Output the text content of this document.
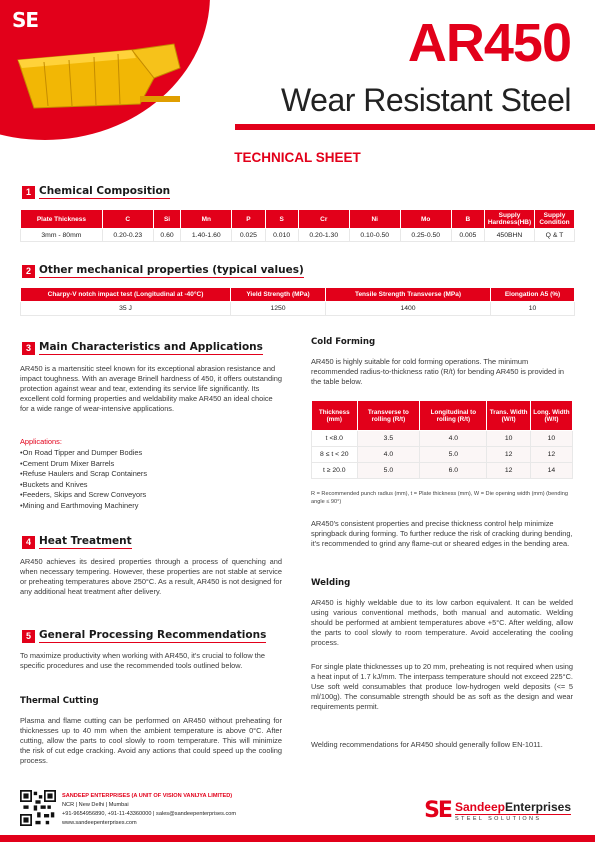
SE	AR450
Wear Resistant Steel
TECHNICAL SHEET
1 Chemical Composition
Plate Thickness	C	Si	Mn	P	S	Cr	Ni	Mo	B	Supply Hardness(HB)	Supply Condition
3mm - 80mm	0.20-0.23	0.60	1.40-1.60	0.025	0.010	0.20-1.30	0.10-0.50	0.25-0.50	0.005	450BHN	Q & T
2 Other mechanical properties (typical values)
Charpy-V notch impact test (Longitudinal at -40°C)	Yield Strength (MPa)	Tensile Strength Transverse (MPa)	Elongation A5 (%)
35 J	1250	1400	10
3 Main Characteristics and Applications
AR450 is a martensitic steel known for its exceptional abrasion resistance and impact toughness. With an average Brinell hardness of 450, it offers outstanding protection against wear and tear, extending its service life significantly. Its excellent cold forming properties and weldability make AR450 an ideal choice for a wide range of wear-intensive applications.
Applications:
• On Road Tipper and Dumper Bodies
• Cement Drum Mixer Barrels
• Refuse Haulers and Scrap Containers
• Buckets and Knives
• Feeders, Skips and Screw Conveyors
• Mining and Earthmoving Machinery
4 Heat Treatment
AR450 achieves its desired properties through a process of quenching and when necessary tempering. However, these properties are not stable at service or preheating temperatures above 250°C. As a result, AR450 is not designed for any additional heat treatment after delivery.
5 General Processing Recommendations
To maximize productivity when working with AR450, it's crucial to follow the specific procedures and use the recommended tools outlined below.
Thermal Cutting
Plasma and flame cutting can be performed on AR450 without preheating for thicknesses up to 40 mm when the ambient temperature is above 0°C. After cutting, allow the parts to cool slowly to room temperature. This will minimize the risk of cut edge cracking. Avoid any actions that could speed up the cooling process.
Cold Forming
AR450 is highly suitable for cold forming operations. The minimum recommended radius-to-thickness ratio (R/t) for bending AR450 is provided in the table below.
Thickness (mm)	Transverse to rolling (R/t)	Longitudinal to rolling (R/t)	Trans. Width (W/t)	Long. Width (W/t)
t <8.0	3.5	4.0	10	10
8 ≤ t < 20	4.0	5.0	12	12
t ≥ 20.0	5.0	6.0	12	14
R = Recommended punch radius (mm), t = Plate thickness (mm), W = Die opening width (mm) (bending angle ≤ 90°)
AR450's consistent properties and precise thickness control help minimize springback during forming. To further reduce the risk of cracking during bending, it's recommended to grind any flame-cut or sheared edges in the bending area.
Welding
AR450 is highly weldable due to its low carbon equivalent. It can be welded using various conventional methods, both manual and automatic. Welding should be performed at ambient temperatures above +5°C. After welding, allow the parts to cool slowly to room temperature. Avoid accelerating the cooling process.
For single plate thicknesses up to 20 mm, preheating is not required when using a heat input of 1.7 kJ/mm. The interpass temperature should not exceed 225°C. Use soft weld consumables that produce low-hydrogen weld deposits (<= 5 ml/100g). The consumable strength should be as soft as the design and wear requirements permit.
Welding recommendations for AR450 should generally follow EN-1011.
SANDEEP ENTERPRISES (A UNIT OF VISION VANIJYA LIMITED)
NCR | New Delhi | Mumbai
+91-9654956890, +91-11-43360000 | sales@sandeepenterprises.com
www.sandeepenterprises.com	SE SandeepEnterprises
STEEL SOLUTIONS
